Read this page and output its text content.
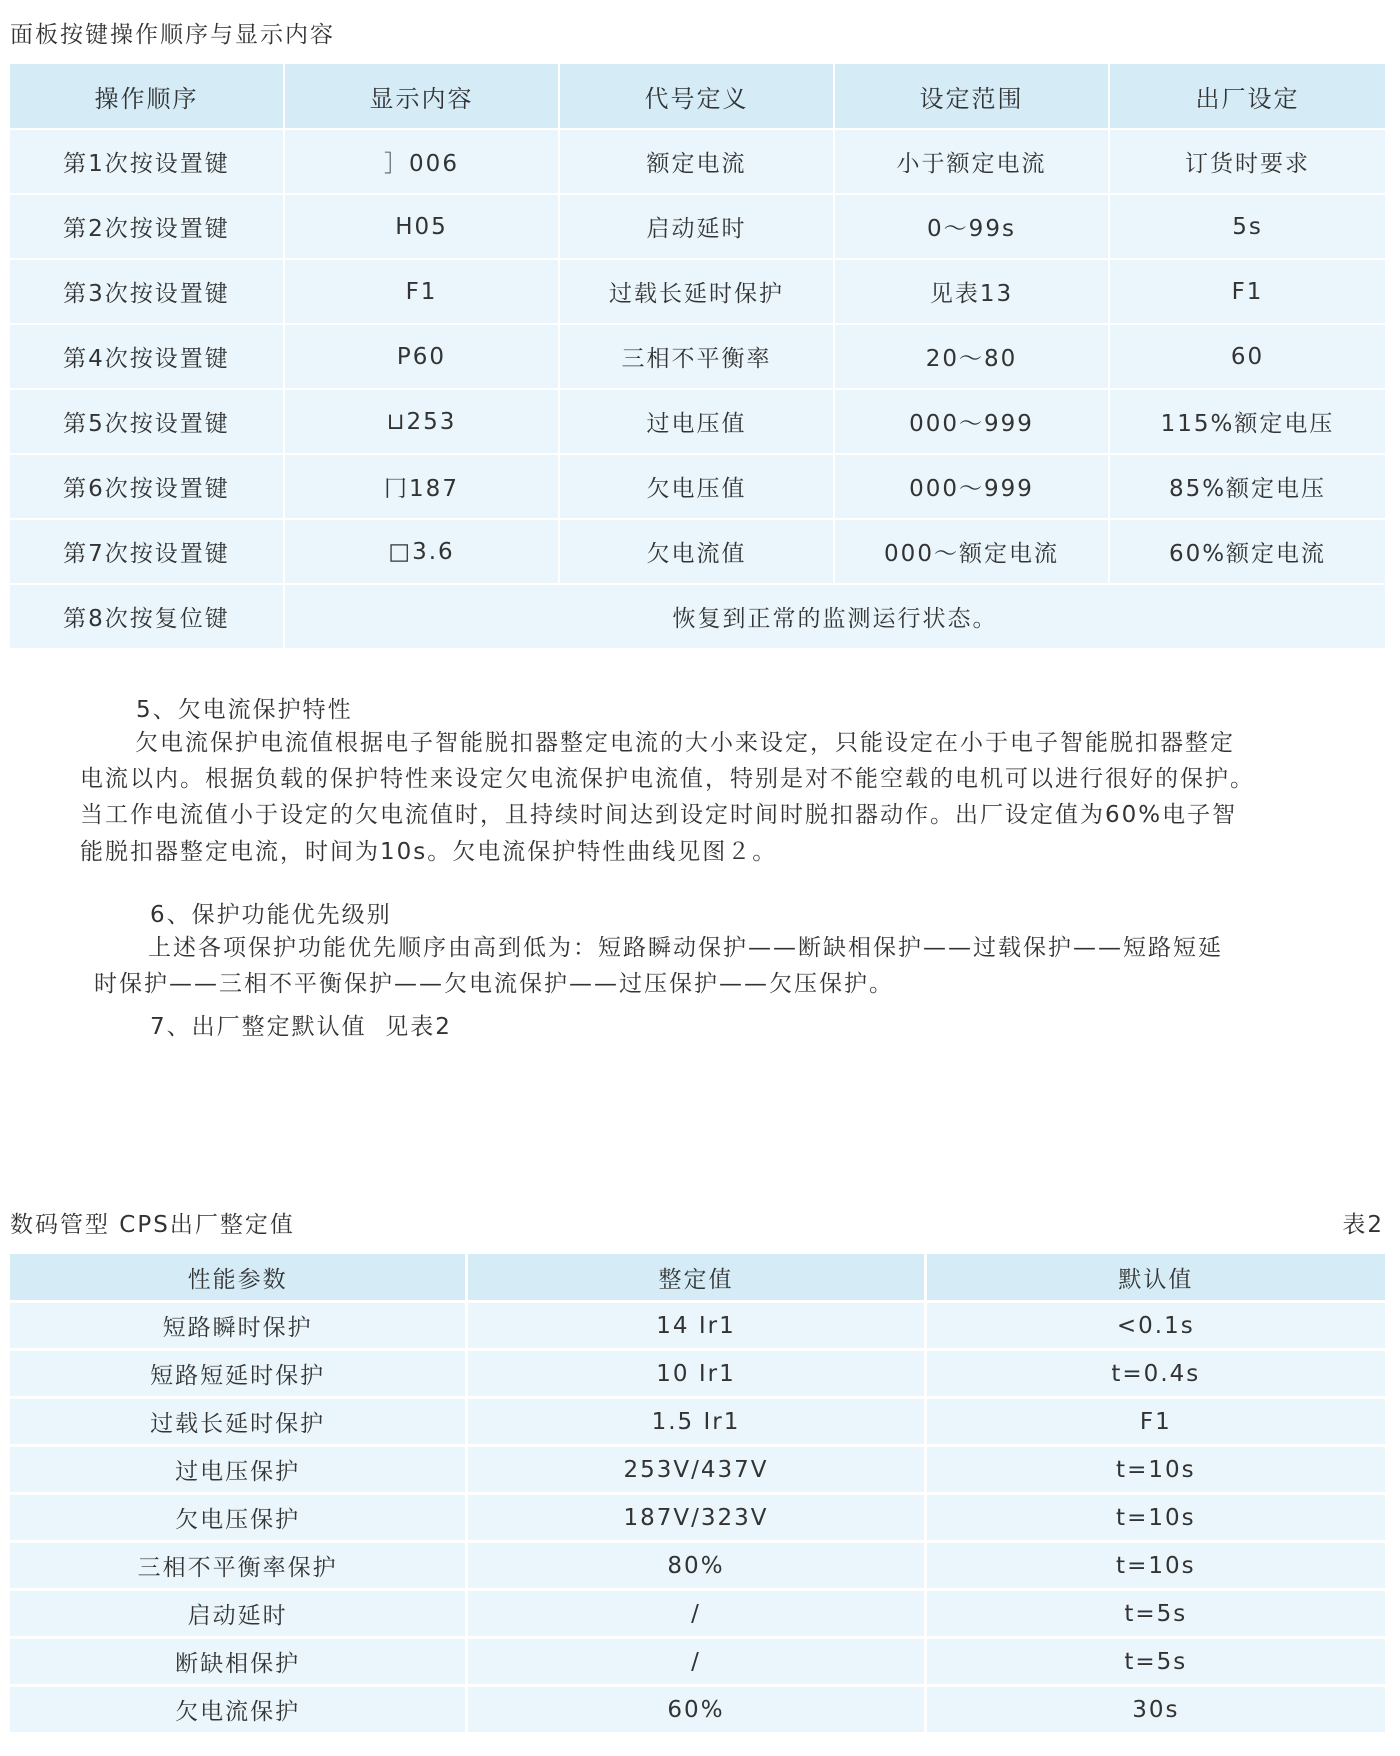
面板按键操作顺序与显示内容
操作顺序	显示内容	代号定义	设定范围	出厂设定
第1次按设置键	］006	额定电流	小于额定电流	订货时要求
第2次按设置键	H05	启动延时	0～99s	5s
第3次按设置键	F1	过载长延时保护	见表13	F1
第4次按设置键	P60	三相不平衡率	20～80	60
第5次按设置键	⊔253	过电压值	000～999	115%额定电压
第6次按设置键	冂187	欠电压值	000～999	85%额定电压
第7次按设置键	□3.6	欠电流值	000～额定电流	60%额定电流
第8次按复位键	恢复到正常的监测运行状态。			
5、欠电流保护特性
欠电流保护电流值根据电子智能脱扣器整定电流的大小来设定，只能设定在小于电子智能脱扣器整定
电流以内。根据负载的保护特性来设定欠电流保护电流值，特别是对不能空载的电机可以进行很好的保护。
当工作电流值小于设定的欠电流值时，且持续时间达到设定时间时脱扣器动作。出厂设定值为60%电子智
能脱扣器整定电流，时间为10s。欠电流保护特性曲线见图２。
6、保护功能优先级别
上述各项保护功能优先顺序由高到低为：短路瞬动保护——断缺相保护——过载保护——短路短延
时保护——三相不平衡保护——欠电流保护——过压保护——欠压保护。
7、出厂整定默认值  见表2
数码管型 CPS出厂整定值	表2
性能参数	整定值	默认值
短路瞬时保护	14 Ir1	<0.1s
短路短延时保护	10 Ir1	t=0.4s
过载长延时保护	1.5 Ir1	F1
过电压保护	253V/437V	t=10s
欠电压保护	187V/323V	t=10s
三相不平衡率保护	80%	t=10s
启动延时	/	t=5s
断缺相保护	/	t=5s
欠电流保护	60%	30s
